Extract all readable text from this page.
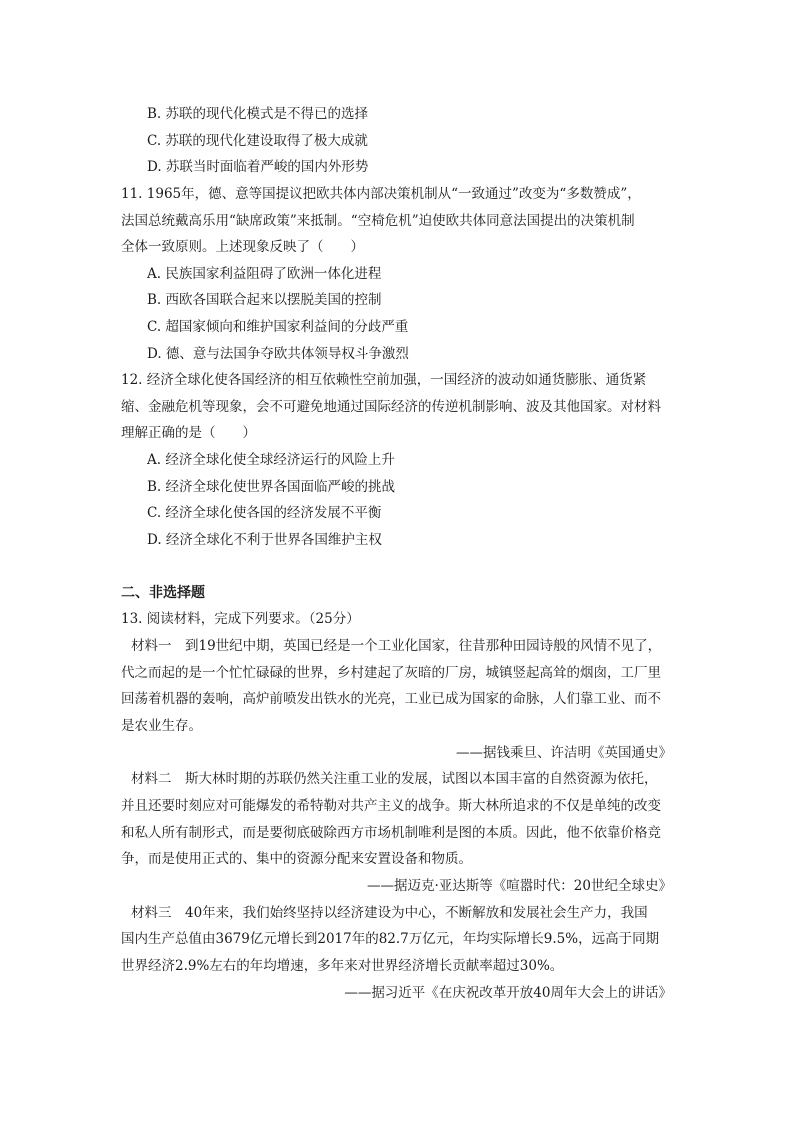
B. 苏联的现代化模式是不得已的选择
C. 苏联的现代化建设取得了极大成就
D. 苏联当时面临着严峻的国内外形势
11. 1965年，德、意等国提议把欧共体内部决策机制从“一致通过”改变为“多数赞成”，
法国总统戴高乐用“缺席政策”来抵制。“空椅危机”迫使欧共体同意法国提出的决策机制
全体一致原则。上述现象反映了（　　）
A. 民族国家利益阻碍了欧洲一体化进程
B. 西欧各国联合起来以摆脱美国的控制
C. 超国家倾向和维护国家利益间的分歧严重
D. 德、意与法国争夺欧共体领导权斗争激烈
12. 经济全球化使各国经济的相互依赖性空前加强，一国经济的波动如通货膨胀、通货紧
缩、金融危机等现象，会不可避免地通过国际经济的传逆机制影响、波及其他国家。对材料
理解正确的是（　　）
A. 经济全球化使全球经济运行的风险上升
B. 经济全球化使世界各国面临严峻的挑战
C. 经济全球化使各国的经济发展不平衡
D. 经济全球化不利于世界各国维护主权
二、非选择题
13. 阅读材料，完成下列要求。（25分）
材料一　到19世纪中期，英国已经是一个工业化国家，往昔那种田园诗般的风情不见了，
代之而起的是一个忙忙碌碌的世界，乡村建起了灰暗的厂房，城镇竖起高耸的烟囱，工厂里
回荡着机器的轰响，高炉前喷发出铁水的光亮，工业已成为国家的命脉，人们靠工业、而不
是农业生存。
——据钱乘旦、许洁明《英国通史》
材料二　斯大林时期的苏联仍然关注重工业的发展，试图以本国丰富的自然资源为依托，
并且还要时刻应对可能爆发的希特勒对共产主义的战争。斯大林所追求的不仅是单纯的改变
和私人所有制形式，而是要彻底破除西方市场机制唯利是图的本质。因此，他不依靠价格竞
争，而是使用正式的、集中的资源分配来安置设备和物质。
——据迈克·亚达斯等《喧嚣时代：20世纪全球史》
材料三　40年来，我们始终坚持以经济建设为中心，不断解放和发展社会生产力，我国
国内生产总值由3679亿元增长到2017年的82.7万亿元，年均实际增长9.5%，远高于同期
世界经济2.9%左右的年均增速，多年来对世界经济增长贡献率超过30%。
——据习近平《在庆祝改革开放40周年大会上的讲话》
